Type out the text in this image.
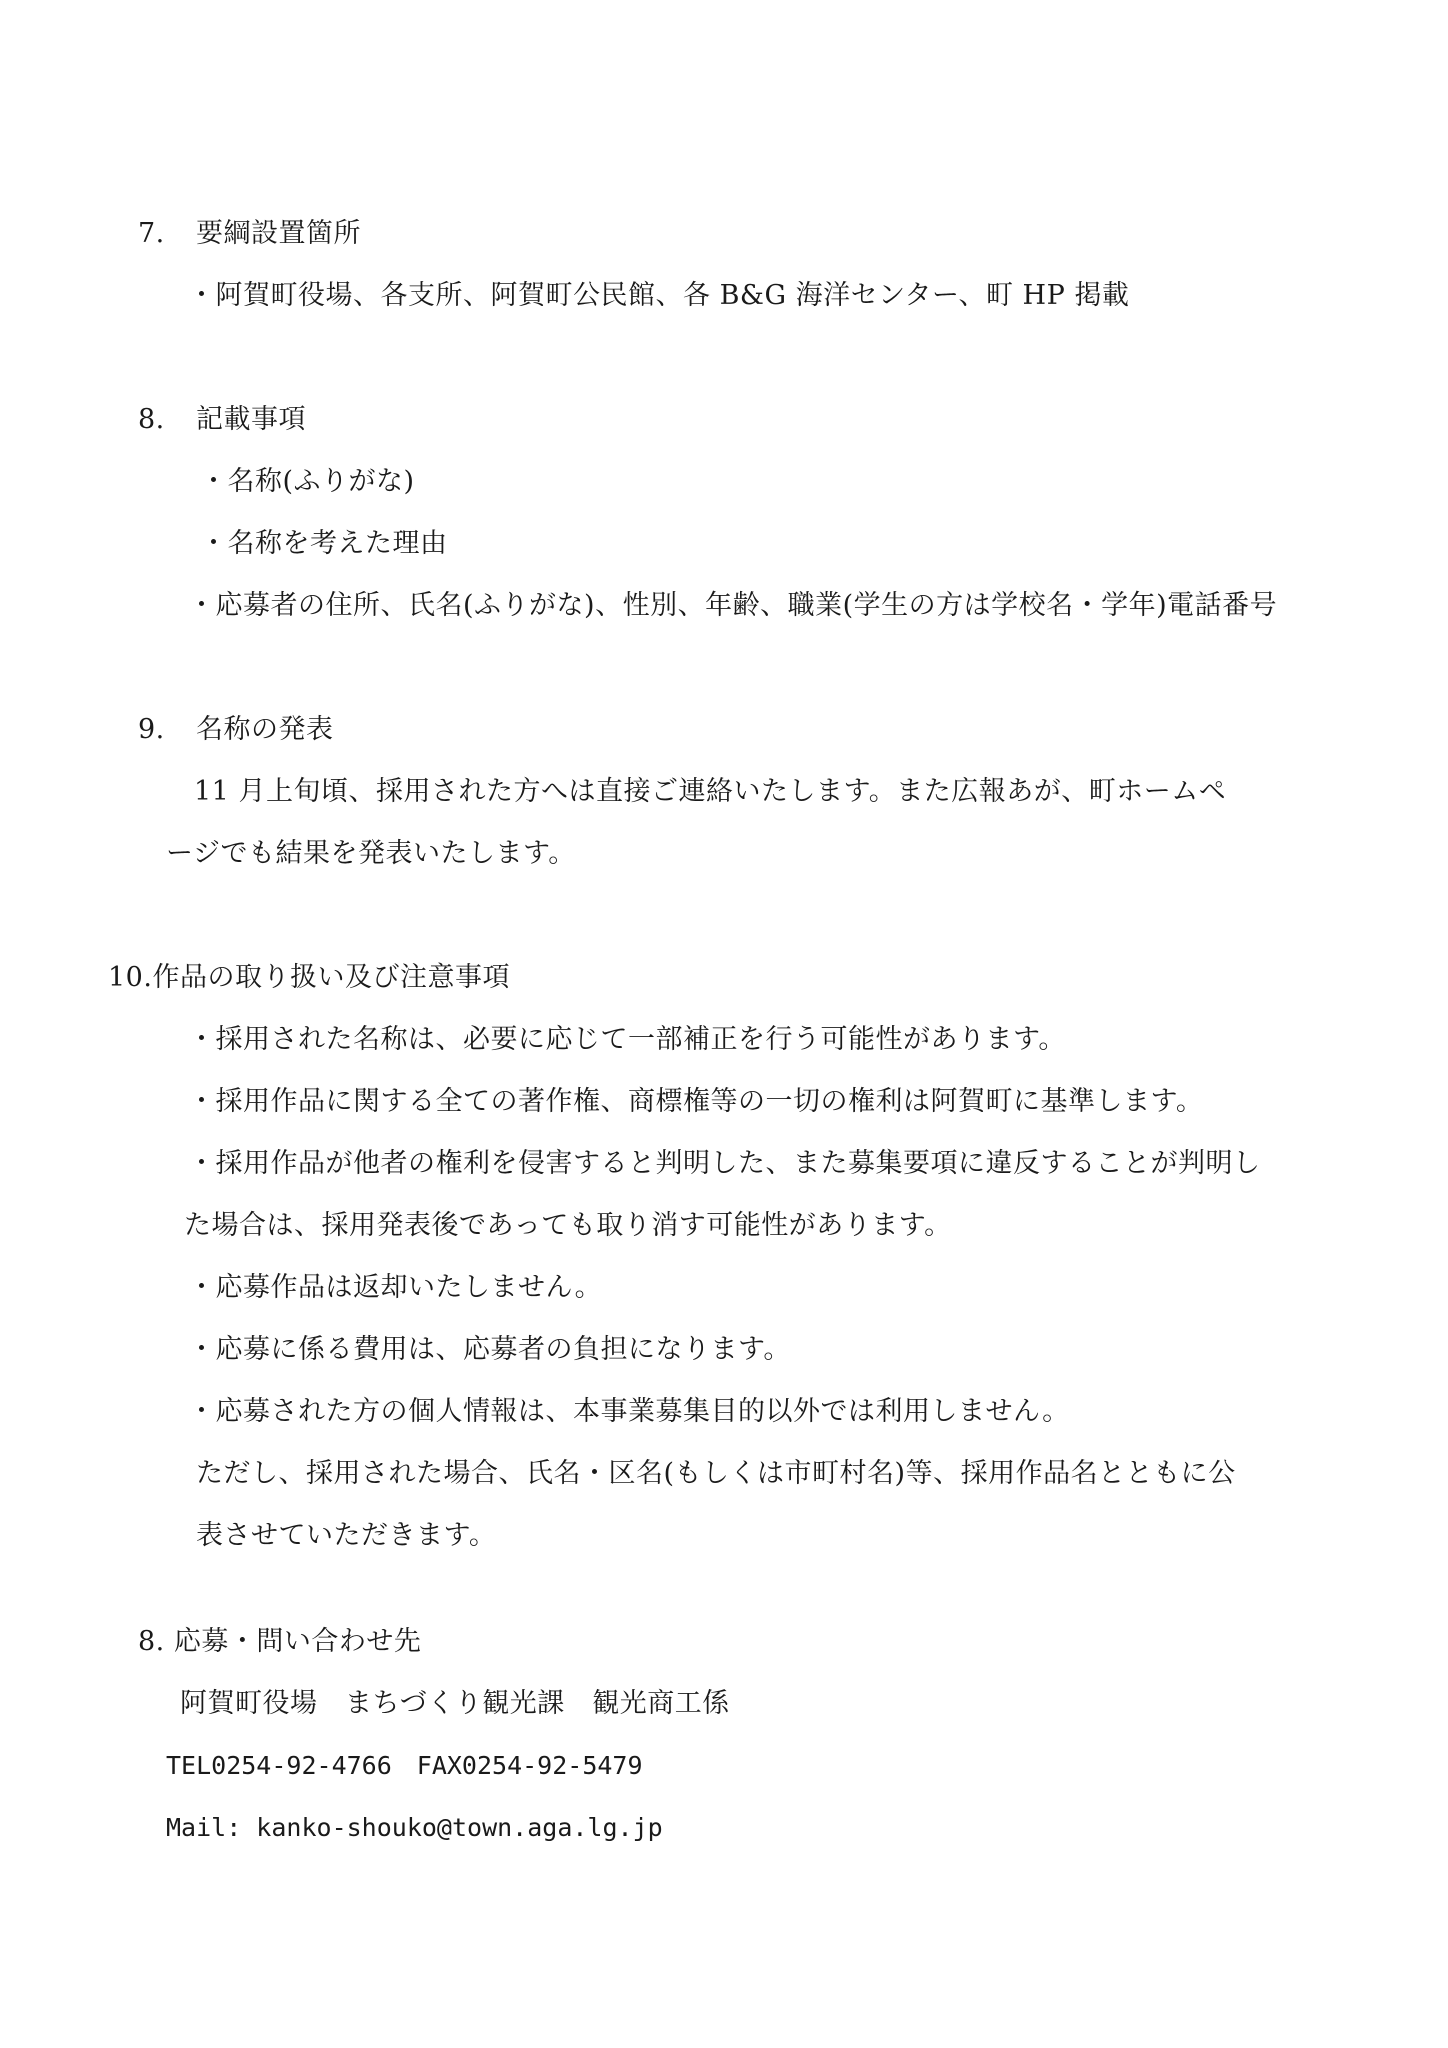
7. 要綱設置箇所
・阿賀町役場、各支所、阿賀町公民館、各 B&G 海洋センター、町 HP 掲載
8. 記載事項
・名称(ふりがな)
・名称を考えた理由
・応募者の住所、氏名(ふりがな)、性別、年齢、職業(学生の方は学校名・学年)電話番号
9. 名称の発表
11 月上旬頃、採用された方へは直接ご連絡いたします。また広報あが、町ホームペ
ージでも結果を発表いたします。
10.作品の取り扱い及び注意事項
・採用された名称は、必要に応じて一部補正を行う可能性があります。
・採用作品に関する全ての著作権、商標権等の一切の権利は阿賀町に基準します。
・採用作品が他者の権利を侵害すると判明した、また募集要項に違反することが判明し
た場合は、採用発表後であっても取り消す可能性があります。
・応募作品は返却いたしません。
・応募に係る費用は、応募者の負担になります。
・応募された方の個人情報は、本事業募集目的以外では利用しません。
ただし、採用された場合、氏名・区名(もしくは市町村名)等、採用作品名とともに公
表させていただきます。
8. 応募・問い合わせ先
阿賀町役場　まちづくり観光課　観光商工係
TEL0254-92-4766　FAX0254-92-5479
Mail: kanko-shouko@town.aga.lg.jp
